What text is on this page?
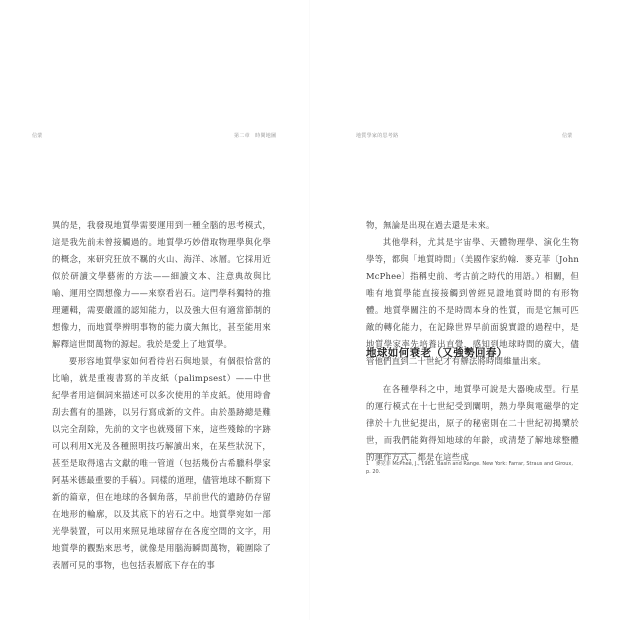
信蒙	第二章　時間地圖

異的是，我發現地質學需要運用到一種全腦的思考模式，這是我先前未曾接觸過的。地質學巧妙借取物理學與化學的概念，來研究狂放不羈的火山、海洋、冰層。它採用近似於研讀文學藝術的方法——細讀文本、注意典故與比喻、運用空間想像力——來察看岩石。這門學科獨特的推理邏輯，需要嚴謹的認知能力，以及強大但有適當節制的想像力，而地質學辨明事物的能力廣大無比，甚至能用來解釋這世間萬物的源起。我於是愛上了地質學。

要形容地質學家如何看待岩石與地景，有個很恰當的比喻，就是重複書寫的羊皮紙（palimpsest）——中世紀學者用這個詞來描述可以多次使用的羊皮紙。使用時會刮去舊有的墨跡，以另行寫成新的文件。由於墨跡總是難以完全刮除，先前的文字也就殘留下來，這些殘餘的字跡可以利用X光及各種照明技巧解讀出來，在某些狀況下，甚至是取得遠古文獻的唯一管道（包括幾份古希臘科學家阿基米德最重要的手稿）。同樣的道理，儘管地球不斷寫下新的篇章，但在地球的各個角落，早前世代的遺跡仍存留在地形的輪廓，以及其底下的岩石之中。地質學宛如一部光學裝置，可以用來照見地球留存在各度空間的文字，用地質學的觀點來思考，就像是用腦海瞬間萬物，範圍除了表層可見的事物，也包括表層底下存在的事

地質學家的思考路	信蒙

物，無論是出現在過去還是未來。

其他學科，尤其是宇宙學、天體物理學、演化生物學等，都與「地質時間」（美國作家約翰．麥克菲〔John McPhee〕指稱史前、考古前之時代的用語。）相關，但唯有地質學能直接接觸到曾經見證地質時間的有形物體。地質學關注的不是時間本身的性質，而是它無可匹敵的轉化能力，在記錄世界早前面貌實證的過程中，是地質學家率先培養出直覺，感知到地球時間的廣大，儘管他們直到二十世紀才有辦法將時間維量出來。

地球如何衰老（又強勢回春）

在各種學科之中，地質學可說是大器晚成型。行星的運行模式在十七世紀受到闡明，熱力學與電磁學的定律於十九世紀提出，原子的秘密則在二十世紀初揭櫫於世，而我們能夠得知地球的年齡，或清楚了解地球整體的運作方式，都是在這些成

1 　麥克菲 McPhee, J., 1981. Basin and Range. New York: Farrar, Straus and Giroux, p. 20.
